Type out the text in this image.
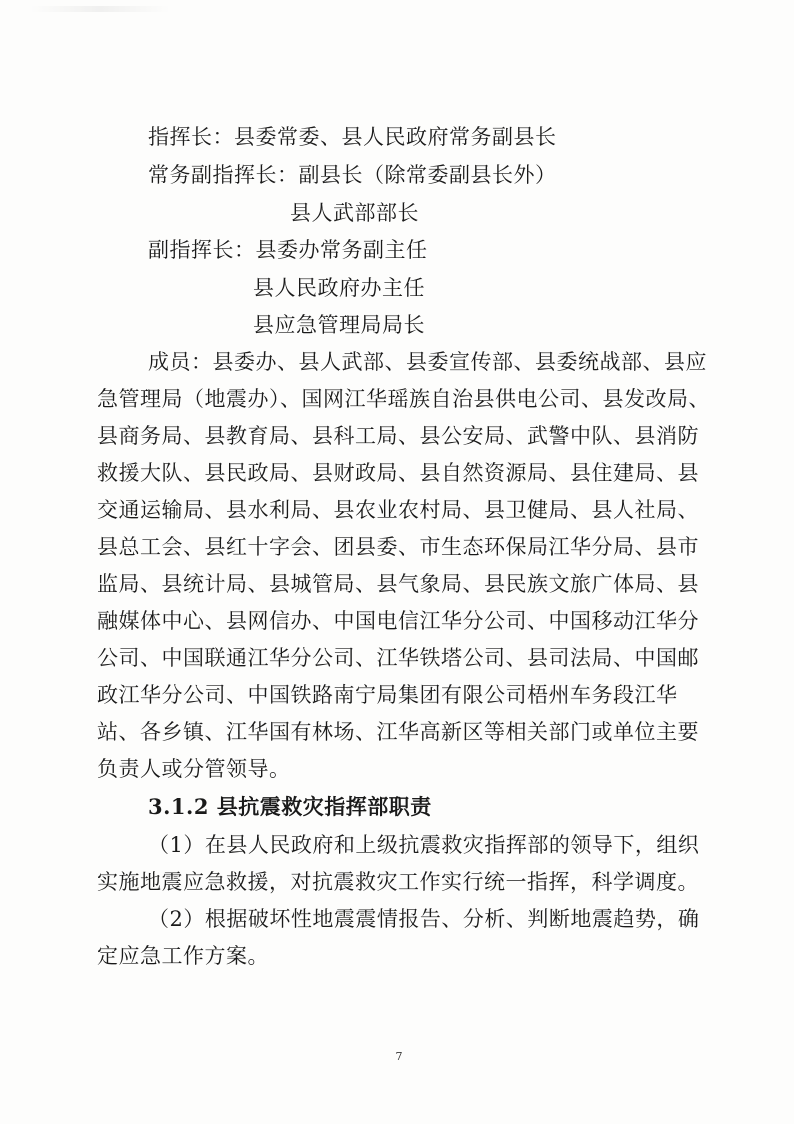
指挥长：县委常委、县人民政府常务副县长
常务副指挥长：副县长（除常委副县长外）
县人武部部长
副指挥长：县委办常务副主任
县人民政府办主任
县应急管理局局长
成员：县委办、县人武部、县委宣传部、县委统战部、县应
急管理局（地震办）、国网江华瑶族自治县供电公司、县发改局、
县商务局、县教育局、县科工局、县公安局、武警中队、县消防
救援大队、县民政局、县财政局、县自然资源局、县住建局、县
交通运输局、县水利局、县农业农村局、县卫健局、县人社局、
县总工会、县红十字会、团县委、市生态环保局江华分局、县市
监局、县统计局、县城管局、县气象局、县民族文旅广体局、县
融媒体中心、县网信办、中国电信江华分公司、中国移动江华分
公司、中国联通江华分公司、江华铁塔公司、县司法局、中国邮
政江华分公司、中国铁路南宁局集团有限公司梧州车务段江华
站、各乡镇、江华国有林场、江华高新区等相关部门或单位主要
负责人或分管领导。
3.1.2 县抗震救灾指挥部职责
（1）在县人民政府和上级抗震救灾指挥部的领导下，组织
实施地震应急救援，对抗震救灾工作实行统一指挥，科学调度。
（2）根据破坏性地震震情报告、分析、判断地震趋势，确
定应急工作方案。
7
